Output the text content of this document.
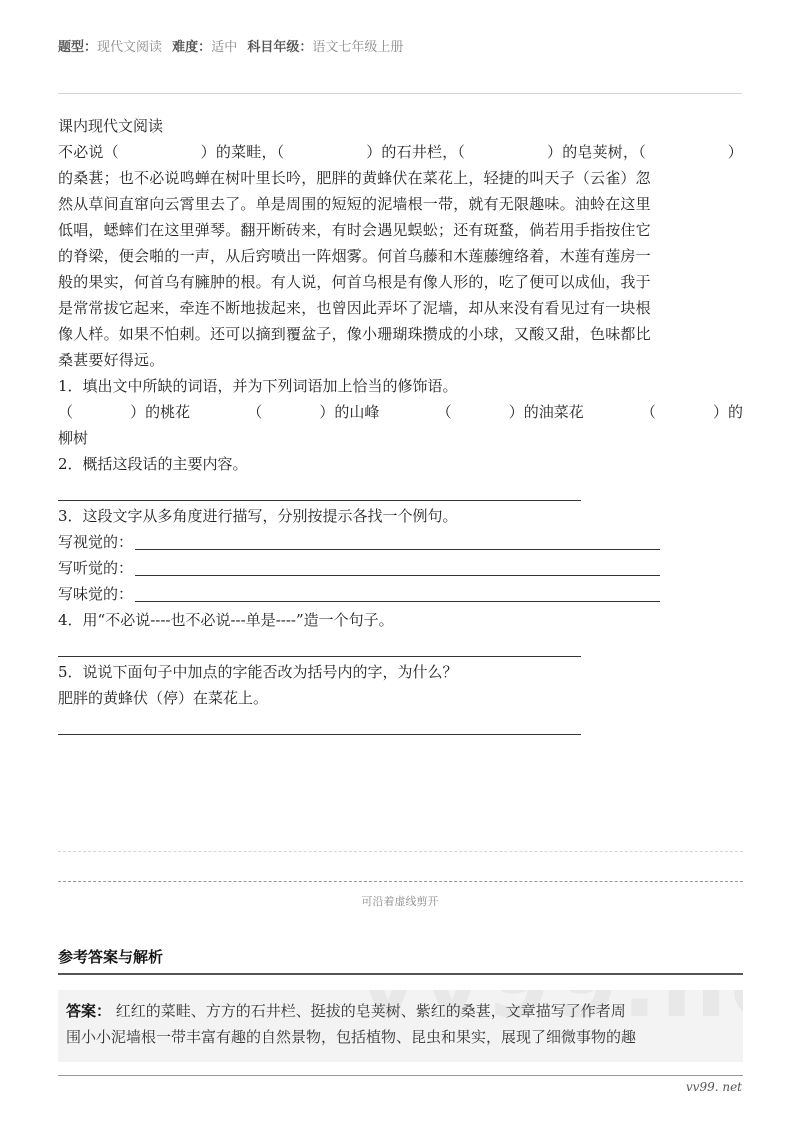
题型：现代文阅读 难度：适中 科目年级：语文七年级上册
课内现代文阅读
不必说（	）的菜畦，（	）的石井栏，（	）的皂荚树，（	）
的桑葚；也不必说鸣蝉在树叶里长吟，肥胖的黄蜂伏在菜花上，轻捷的叫天子（云雀）忽
然从草间直窜向云霄里去了。单是周围的短短的泥墙根一带，就有无限趣味。油蛉在这里
低唱，蟋蟀们在这里弹琴。翻开断砖来，有时会遇见蜈蚣；还有斑蝥，倘若用手指按住它
的脊梁，便会啪的一声，从后窍喷出一阵烟雾。何首乌藤和木莲藤缠络着，木莲有莲房一
般的果实，何首乌有臃肿的根。有人说，何首乌根是有像人形的，吃了便可以成仙，我于
是常常拔它起来，牵连不断地拔起来，也曾因此弄坏了泥墙，却从来没有看见过有一块根
像人样。如果不怕刺。还可以摘到覆盆子，像小珊瑚珠攒成的小球，又酸又甜，色味都比
桑葚要好得远。
1．填出文中所缺的词语，并为下列词语加上恰当的修饰语。
（	）的桃花	（	）的山峰	（	）的油菜花	（	）的
柳树
2．概括这段话的主要内容。
3．这段文字从多角度进行描写，分别按提示各找一个例句。
写视觉的：
写听觉的：
写味觉的：
4．用“不必说----也不必说---单是----”造一个句子。
5．说说下面句子中加点的字能否改为括号内的字，为什么？
肥胖的黄蜂伏（停）在菜花上。
可沿着虚线剪开
参考答案与解析
答案： 红红的菜畦、方方的石井栏、挺拔的皂荚树、紫红的桑葚，文章描写了作者周
围小小泥墙根一带丰富有趣的自然景物，包括植物、昆虫和果实，展现了细微事物的趣
vv99. net
